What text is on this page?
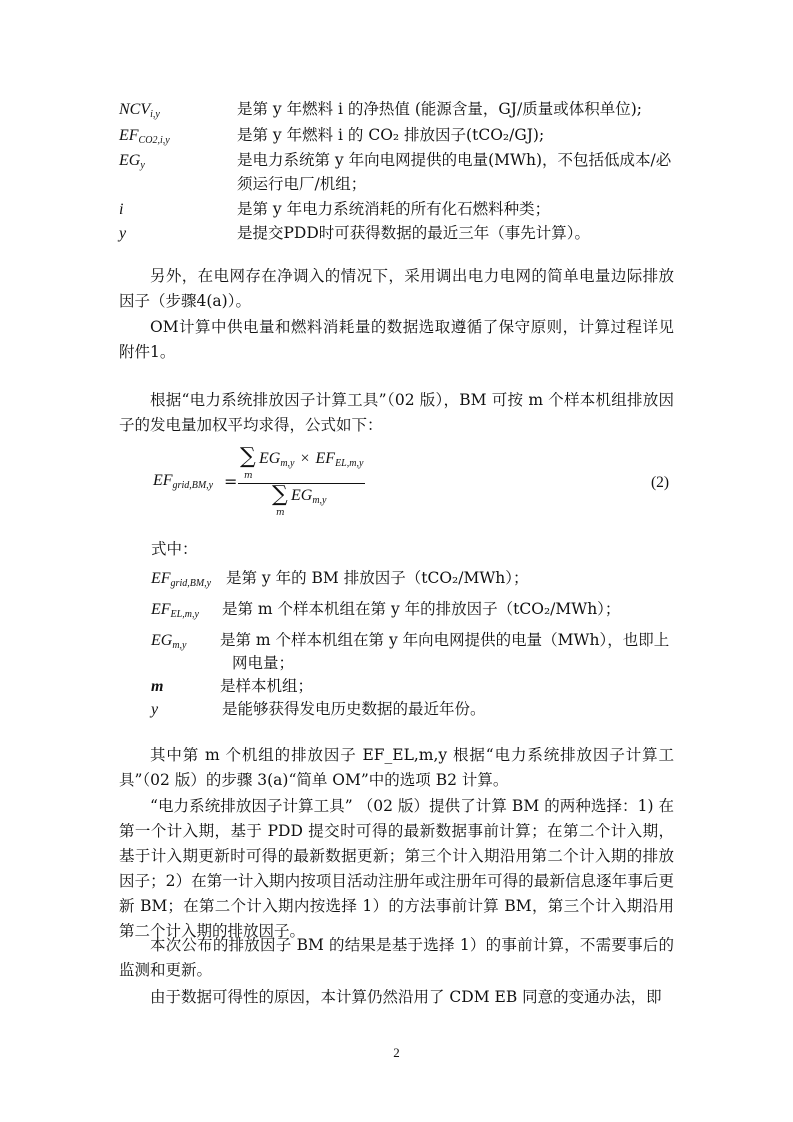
$NCV_{i,y}$	是第 y 年燃料 i 的净热值 (能源含量，GJ/质量或体积单位);
$EF_{CO2,i,y}$	是第 y 年燃料 i 的 CO₂ 排放因子(tCO₂/GJ);
$EG_y$	是电力系统第 y 年向电网提供的电量(MWh)，不包括低成本/必
须运行电厂/机组；
i	是第 y 年电力系统消耗的所有化石燃料种类；
y	是提交PDD时可获得数据的最近三年（事先计算）。
另外，在电网存在净调入的情况下，采用调出电力电网的简单电量边际排放因子（步骤4(a)）。
OM计算中供电量和燃料消耗量的数据选取遵循了保守原则，计算过程详见附件1。
根据“电力系统排放因子计算工具”（02 版），BM 可按 m 个样本机组排放因子的发电量加权平均求得，公式如下：
$EF_{grid,BM,y}$ =
∑
m
$EG_{m,y} \times EF_{EL,m,y}$
∑
m
$EG_{m,y}$
(2)
式中：
$EF_{grid,BM,y}$ 是第 y 年的 BM 排放因子（tCO₂/MWh）；
$EF_{EL,m,y}$ 是第 m 个样本机组在第 y 年的排放因子（tCO₂/MWh）；
$EG_{m,y}$ 是第 m 个样本机组在第 y 年向电网提供的电量（MWh），也即上
网电量；
m	是样本机组；
y	是能够获得发电历史数据的最近年份。
其中第 m 个机组的排放因子 EF_EL,m,y 根据“电力系统排放因子计算工具”（02 版）的步骤 3(a)“简单 OM”中的选项 B2 计算。
“电力系统排放因子计算工具” （02 版）提供了计算 BM 的两种选择：1) 在第一个计入期，基于 PDD 提交时可得的最新数据事前计算；在第二个计入期，基于计入期更新时可得的最新数据更新；第三个计入期沿用第二个计入期的排放因子；2）在第一计入期内按项目活动注册年或注册年可得的最新信息逐年事后更新 BM；在第二个计入期内按选择 1）的方法事前计算 BM，第三个计入期沿用第二个计入期的排放因子。
本次公布的排放因子 BM 的结果是基于选择 1）的事前计算，不需要事后的监测和更新。
由于数据可得性的原因，本计算仍然沿用了 CDM EB 同意的变通办法，即
2
